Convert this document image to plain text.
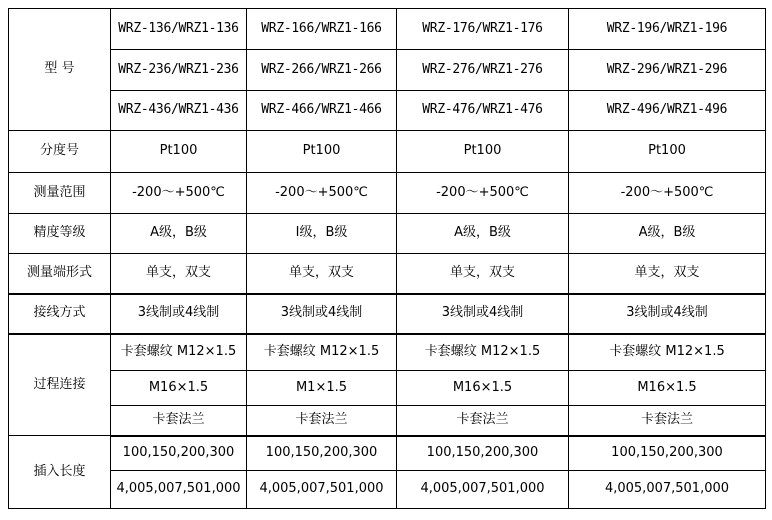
型 号	WRZ-136/WRZ1-136	WRZ-166/WRZ1-166	WRZ-176/WRZ1-176	WRZ-196/WRZ1-196
	WRZ-236/WRZ1-236	WRZ-266/WRZ1-266	WRZ-276/WRZ1-276	WRZ-296/WRZ1-296
	WRZ-436/WRZ1-436	WRZ-466/WRZ1-466	WRZ-476/WRZ1-476	WRZ-496/WRZ1-496
分度号	Pt100	Pt100	Pt100	Pt100
测量范围	-200～+500℃	-200～+500℃	-200～+500℃	-200～+500℃
精度等级	A级，B级	Ⅰ级，B级	A级，B级	A级，B级
测量端形式	单支，双支	单支，双支	单支，双支	单支，双支
接线方式	3线制或4线制	3线制或4线制	3线制或4线制	3线制或4线制
过程连接	卡套螺纹 M12×1.5	卡套螺纹 M12×1.5	卡套螺纹 M12×1.5	卡套螺纹 M12×1.5
	M16×1.5	M1×1.5	M16×1.5	M16×1.5
	卡套法兰	卡套法兰	卡套法兰	卡套法兰
插入长度	100,150,200,300	100,150,200,300	100,150,200,300	100,150,200,300
	4,005,007,501,000	4,005,007,501,000	4,005,007,501,000	4,005,007,501,000
